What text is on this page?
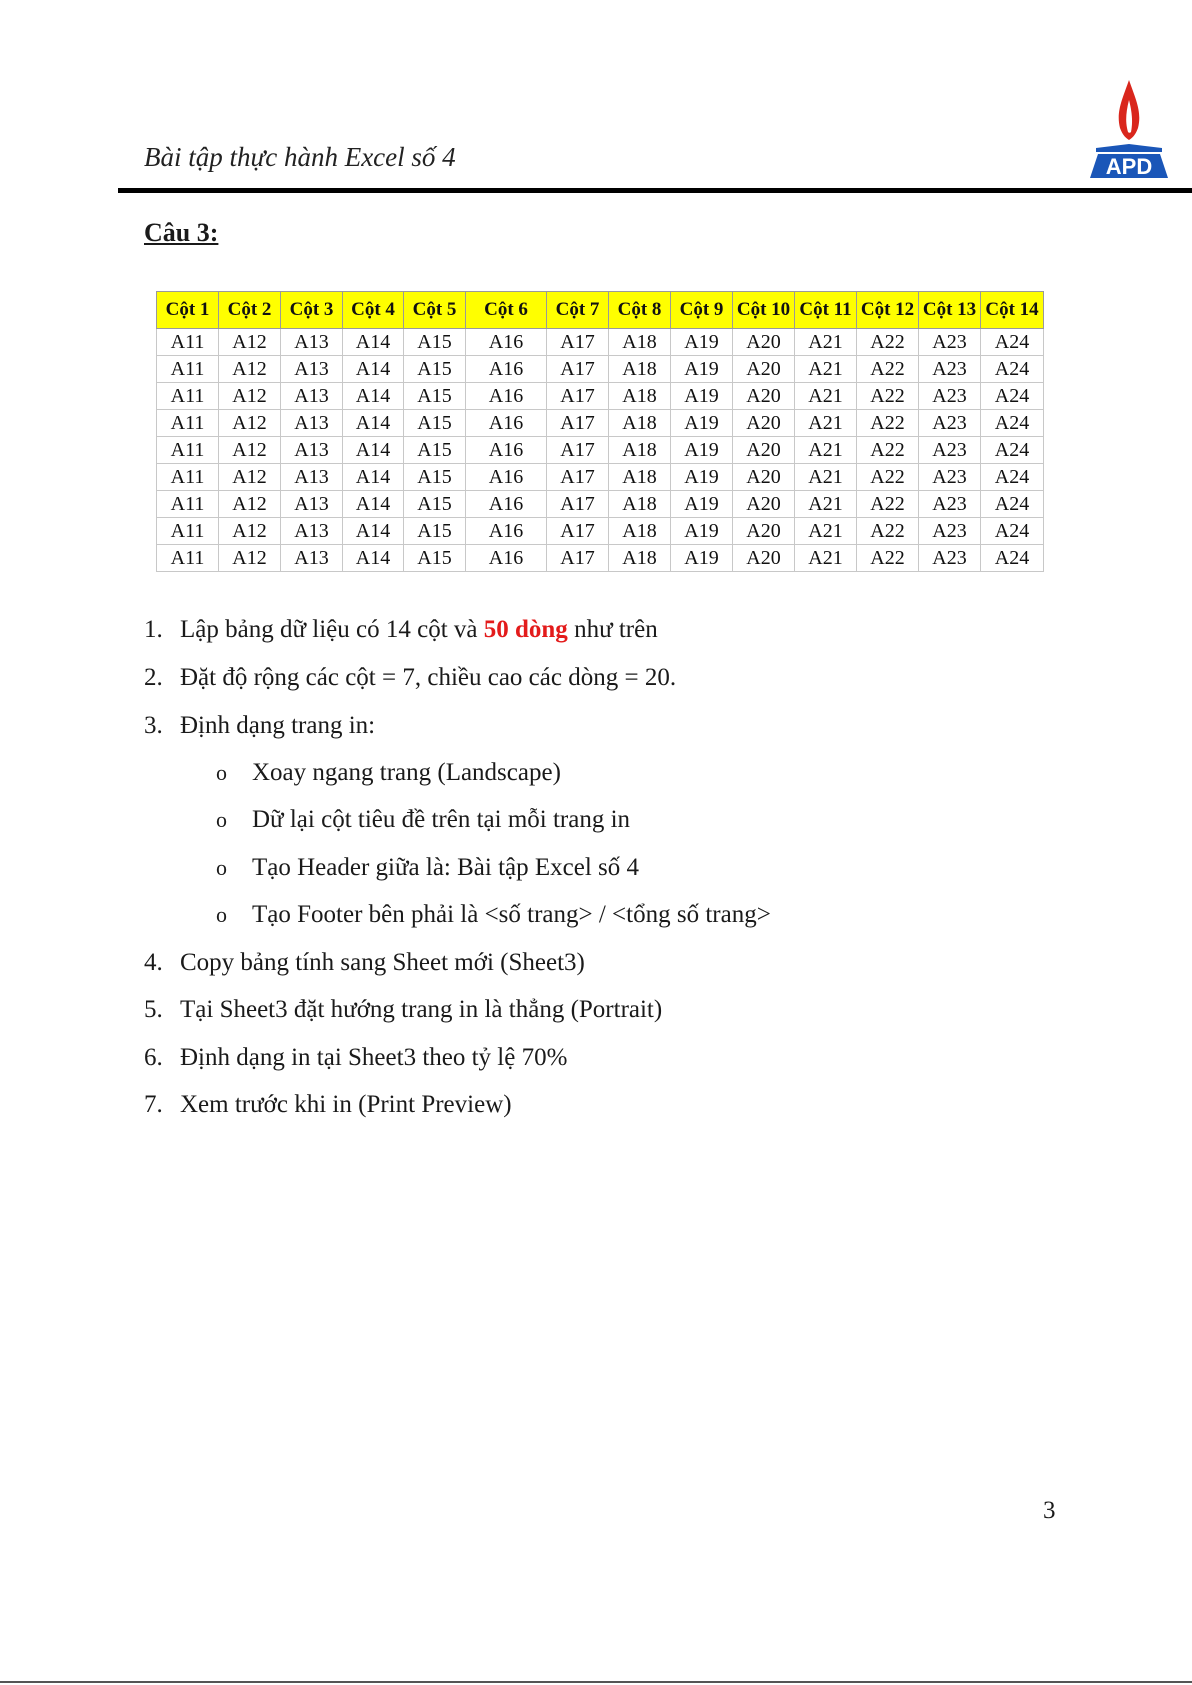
Bài tập thực hành Excel số 4	APD
Câu 3:
Cột 1	Cột 2	Cột 3	Cột 4	Cột 5	Cột 6	Cột 7	Cột 8	Cột 9	Cột 10	Cột 11	Cột 12	Cột 13	Cột 14
A11	A12	A13	A14	A15	A16	A17	A18	A19	A20	A21	A22	A23	A24
A11	A12	A13	A14	A15	A16	A17	A18	A19	A20	A21	A22	A23	A24
A11	A12	A13	A14	A15	A16	A17	A18	A19	A20	A21	A22	A23	A24
A11	A12	A13	A14	A15	A16	A17	A18	A19	A20	A21	A22	A23	A24
A11	A12	A13	A14	A15	A16	A17	A18	A19	A20	A21	A22	A23	A24
A11	A12	A13	A14	A15	A16	A17	A18	A19	A20	A21	A22	A23	A24
A11	A12	A13	A14	A15	A16	A17	A18	A19	A20	A21	A22	A23	A24
A11	A12	A13	A14	A15	A16	A17	A18	A19	A20	A21	A22	A23	A24
A11	A12	A13	A14	A15	A16	A17	A18	A19	A20	A21	A22	A23	A24
1. Lập bảng dữ liệu có 14 cột và 50 dòng như trên
2. Đặt độ rộng các cột = 7, chiều cao các dòng = 20.
3. Định dạng trang in:
o Xoay ngang trang (Landscape)
o Dữ lại cột tiêu đề trên tại mỗi trang in
o Tạo Header giữa là: Bài tập Excel số 4
o Tạo Footer bên phải là <số trang> / <tổng số trang>
4. Copy bảng tính sang Sheet mới (Sheet3)
5. Tại Sheet3 đặt hướng trang in là thẳng (Portrait)
6. Định dạng in tại Sheet3 theo tỷ lệ 70%
7. Xem trước khi in (Print Preview)
3
